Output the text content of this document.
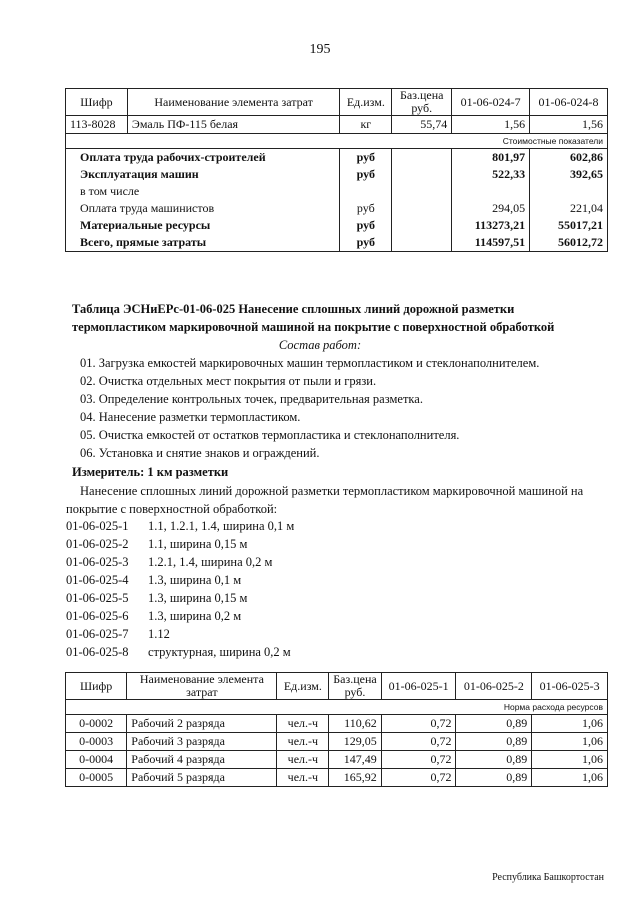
195
Шифр	Наименование элемента затрат	Ед.изм.	Баз.цена руб.	01-06-024-7	01-06-024-8
113-8028	Эмаль ПФ-115 белая	кг	55,74	1,56	1,56
Стоимостные показатели					
Оплата труда рабочих-строителей		руб		801,97	602,86
Эксплуатация машин		руб		522,33	392,65
в том числе					
Оплата труда машинистов		руб		294,05	221,04
Материальные ресурсы		руб		113273,21	55017,21
Всего, прямые затраты		руб		114597,51	56012,72
Таблица ЭСНиЕРс-01-06-025 Нанесение сплошных линий дорожной разметки
термопластиком маркировочной машиной на покрытие с поверхностной обработкой
Состав работ:
01. Загрузка емкостей маркировочных машин термопластиком и стеклонаполнителем.
02. Очистка отдельных мест покрытия от пыли и грязи.
03. Определение контрольных точек, предварительная разметка.
04. Нанесение разметки термопластиком.
05. Очистка емкостей от остатков термопластика и стеклонаполнителя.
06. Установка и снятие знаков и ограждений.
Измеритель: 1 км разметки
Нанесение сплошных линий дорожной разметки термопластиком маркировочной машиной на
покрытие с поверхностной обработкой:
01-06-025-1 1.1, 1.2.1, 1.4, ширина 0,1 м
01-06-025-2 1.1, ширина 0,15 м
01-06-025-3 1.2.1, 1.4, ширина 0,2 м
01-06-025-4 1.3, ширина 0,1 м
01-06-025-5 1.3, ширина 0,15 м
01-06-025-6 1.3, ширина 0,2 м
01-06-025-7 1.12
01-06-025-8 структурная, ширина 0,2 м
Шифр	Наименование элемента затрат	Ед.изм.	Баз.цена руб.	01-06-025-1	01-06-025-2	01-06-025-3
Норма расхода ресурсов						
0-0002	Рабочий 2 разряда	чел.-ч	110,62	0,72	0,89	1,06
0-0003	Рабочий 3 разряда	чел.-ч	129,05	0,72	0,89	1,06
0-0004	Рабочий 4 разряда	чел.-ч	147,49	0,72	0,89	1,06
0-0005	Рабочий 5 разряда	чел.-ч	165,92	0,72	0,89	1,06
Республика Башкортостан
